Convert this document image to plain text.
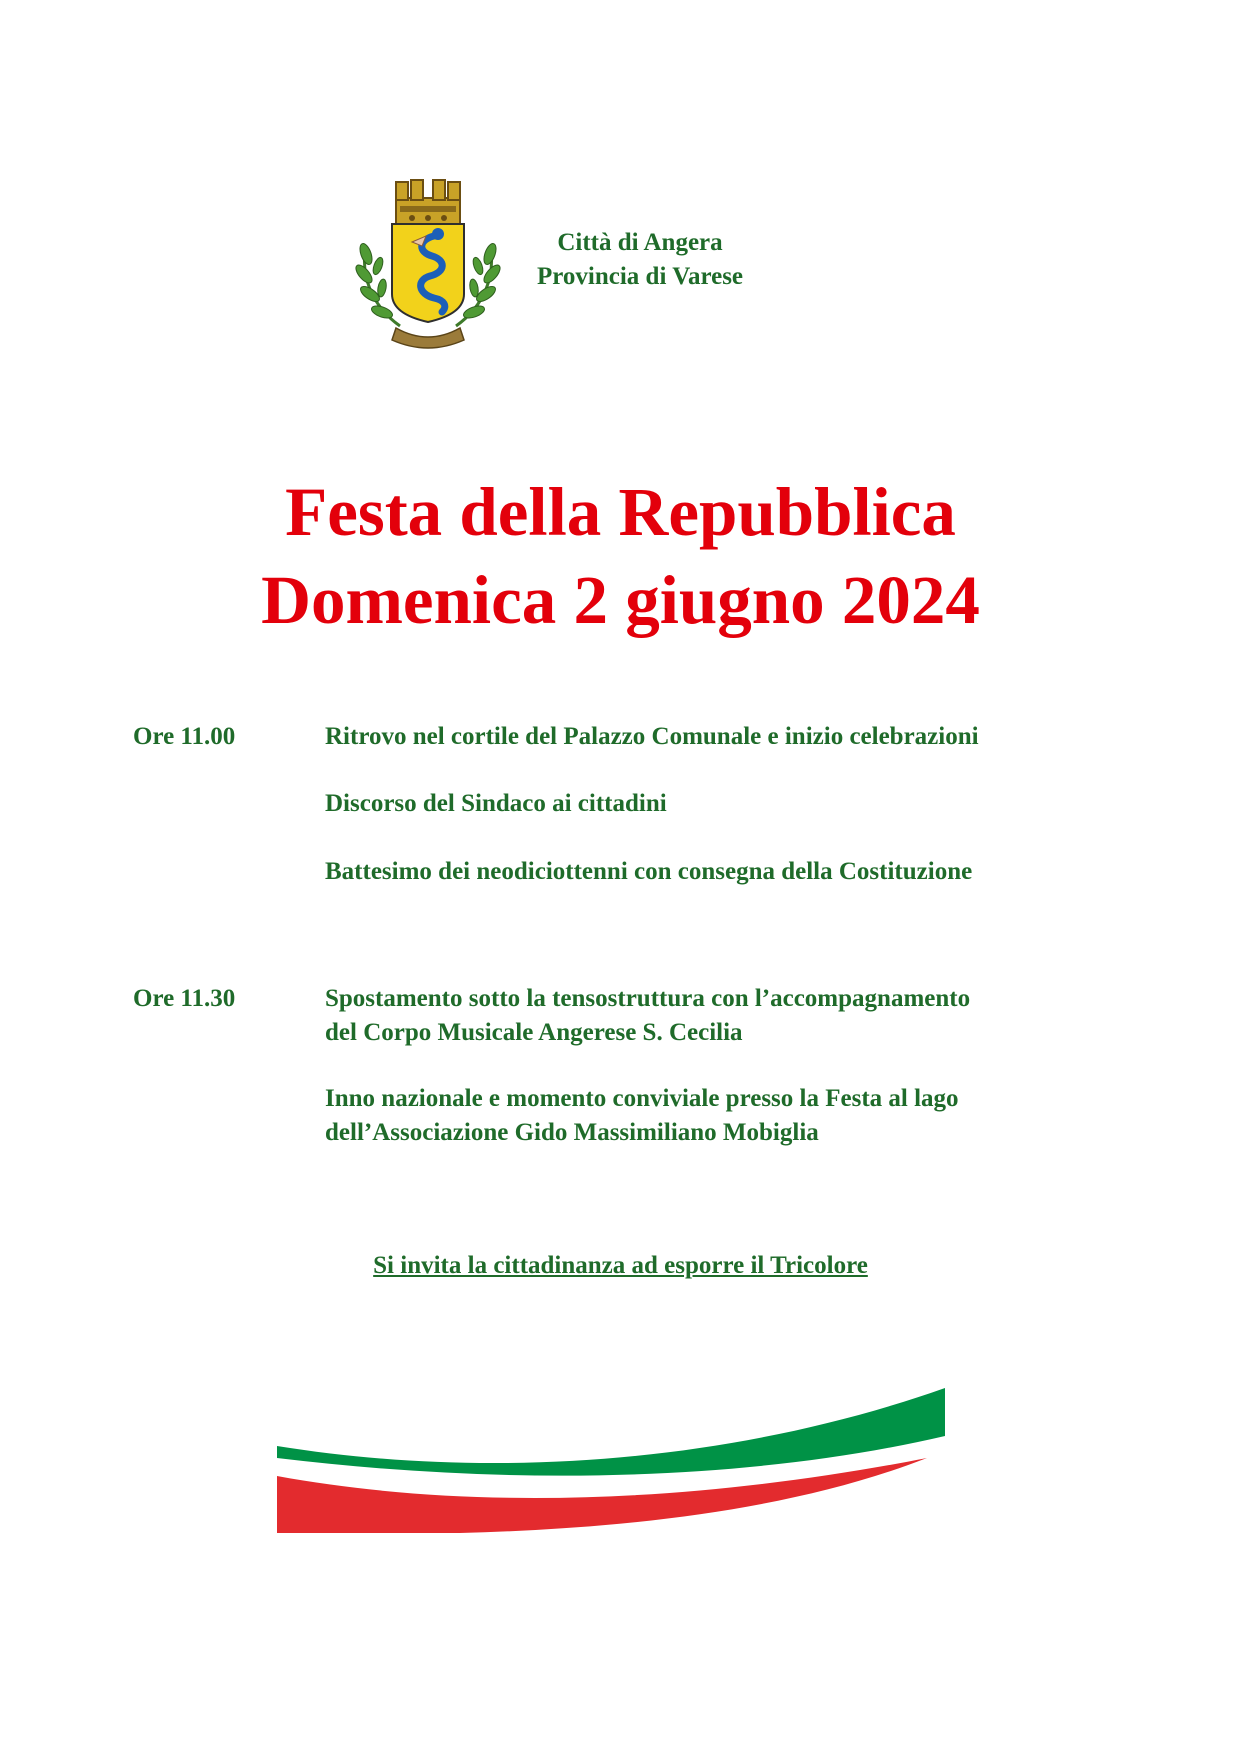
Città di Angera
Provincia di Varese
Festa della Repubblica
Domenica 2 giugno 2024
Ore 11.00	Ritrovo nel cortile del Palazzo Comunale e inizio celebrazioni
Discorso del Sindaco ai cittadini
Battesimo dei neodiciottenni con consegna della Costituzione
Ore 11.30	Spostamento sotto la tensostruttura con l’accompagnamento
del Corpo Musicale Angerese S. Cecilia
Inno nazionale e momento conviviale presso la Festa al lago
dell’Associazione Gido Massimiliano Mobiglia
Si invita la cittadinanza ad esporre il Tricolore
